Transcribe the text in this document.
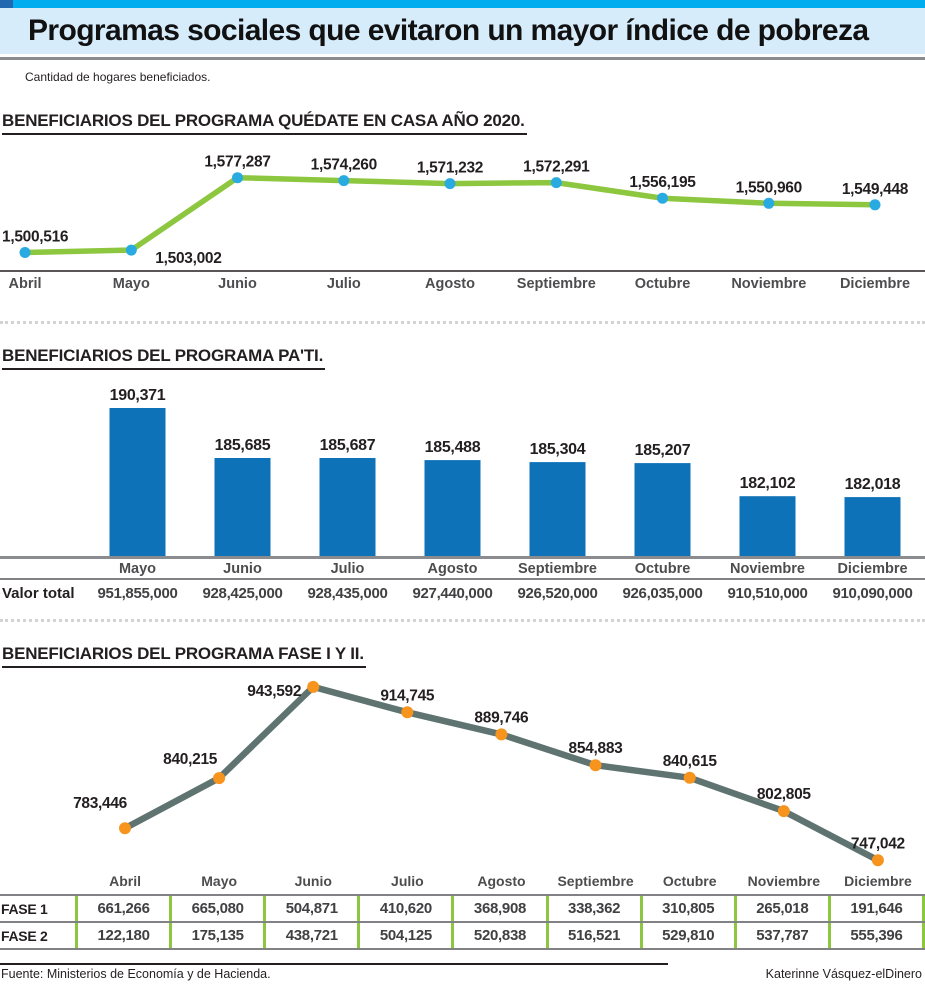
Programas sociales que evitaron un mayor índice de pobreza
Cantidad de hogares beneficiados.
BENEFICIARIOS DEL PROGRAMA QUÉDATE EN CASA AÑO 2020.
1,500,516
1,503,002
1,577,287	1,574,260	1,571,232	1,572,291
1,556,195	1,550,960	1,549,448
Abril	Mayo	Junio	Julio	Agosto	Septiembre	Octubre	Noviembre Diciembre
BENEFICIARIOS DEL PROGRAMA PA'TI.
190,371
185,685	185,687	185,488	185,304	185,207
182,102	182,018
Mayo	Junio	Julio	Agosto	Septiembre	Octubre	Noviembre Diciembre
Valor total	951,855,000	928,425,000	928,435,000	927,440,000	926,520,000	926,035,000	910,510,000	910,090,000
BENEFICIARIOS DEL PROGRAMA FASE I Y II.
783,446
840,215
943,592	914,745
889,746
854,883
840,615
802,805
747,042
Abril	Mayo	Junio	Julio	Agosto	Septiembre	Octubre	Noviembre	Diciembre
FASE 1	661,266	665,080	504,871	410,620	368,908	338,362	310,805	265,018	191,646
FASE 2	122,180	175,135	438,721	504,125	520,838	516,521	529,810	537,787	555,396
Fuente: Ministerios de Economía y de Hacienda.	Katerinne Vásquez-elDinero
